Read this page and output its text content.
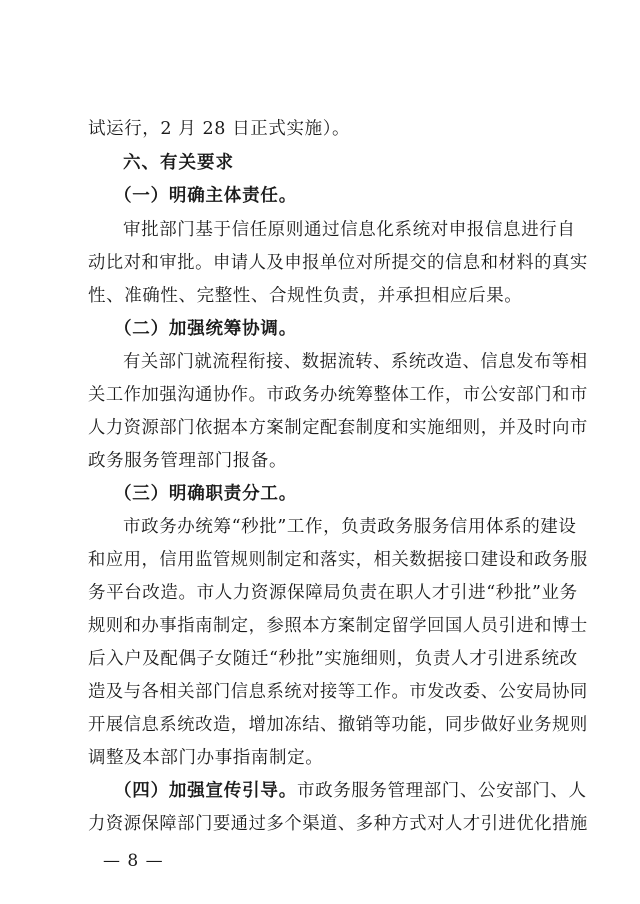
试运行，2 月 28 日正式实施）。
六、有关要求
（一）明确主体责任。
审批部门基于信任原则通过信息化系统对申报信息进行自
动比对和审批。申请人及申报单位对所提交的信息和材料的真实
性、准确性、完整性、合规性负责，并承担相应后果。
（二）加强统筹协调。
有关部门就流程衔接、数据流转、系统改造、信息发布等相
关工作加强沟通协作。市政务办统筹整体工作，市公安部门和市
人力资源部门依据本方案制定配套制度和实施细则，并及时向市
政务服务管理部门报备。
（三）明确职责分工。
市政务办统筹“秒批”工作，负责政务服务信用体系的建设
和应用，信用监管规则制定和落实，相关数据接口建设和政务服
务平台改造。市人力资源保障局负责在职人才引进“秒批”业务
规则和办事指南制定，参照本方案制定留学回国人员引进和博士
后入户及配偶子女随迁“秒批”实施细则，负责人才引进系统改
造及与各相关部门信息系统对接等工作。市发改委、公安局协同
开展信息系统改造，增加冻结、撤销等功能，同步做好业务规则
调整及本部门办事指南制定。
（四）加强宣传引导。市政务服务管理部门、公安部门、人
力资源保障部门要通过多个渠道、多种方式对人才引进优化措施
— 8 —
